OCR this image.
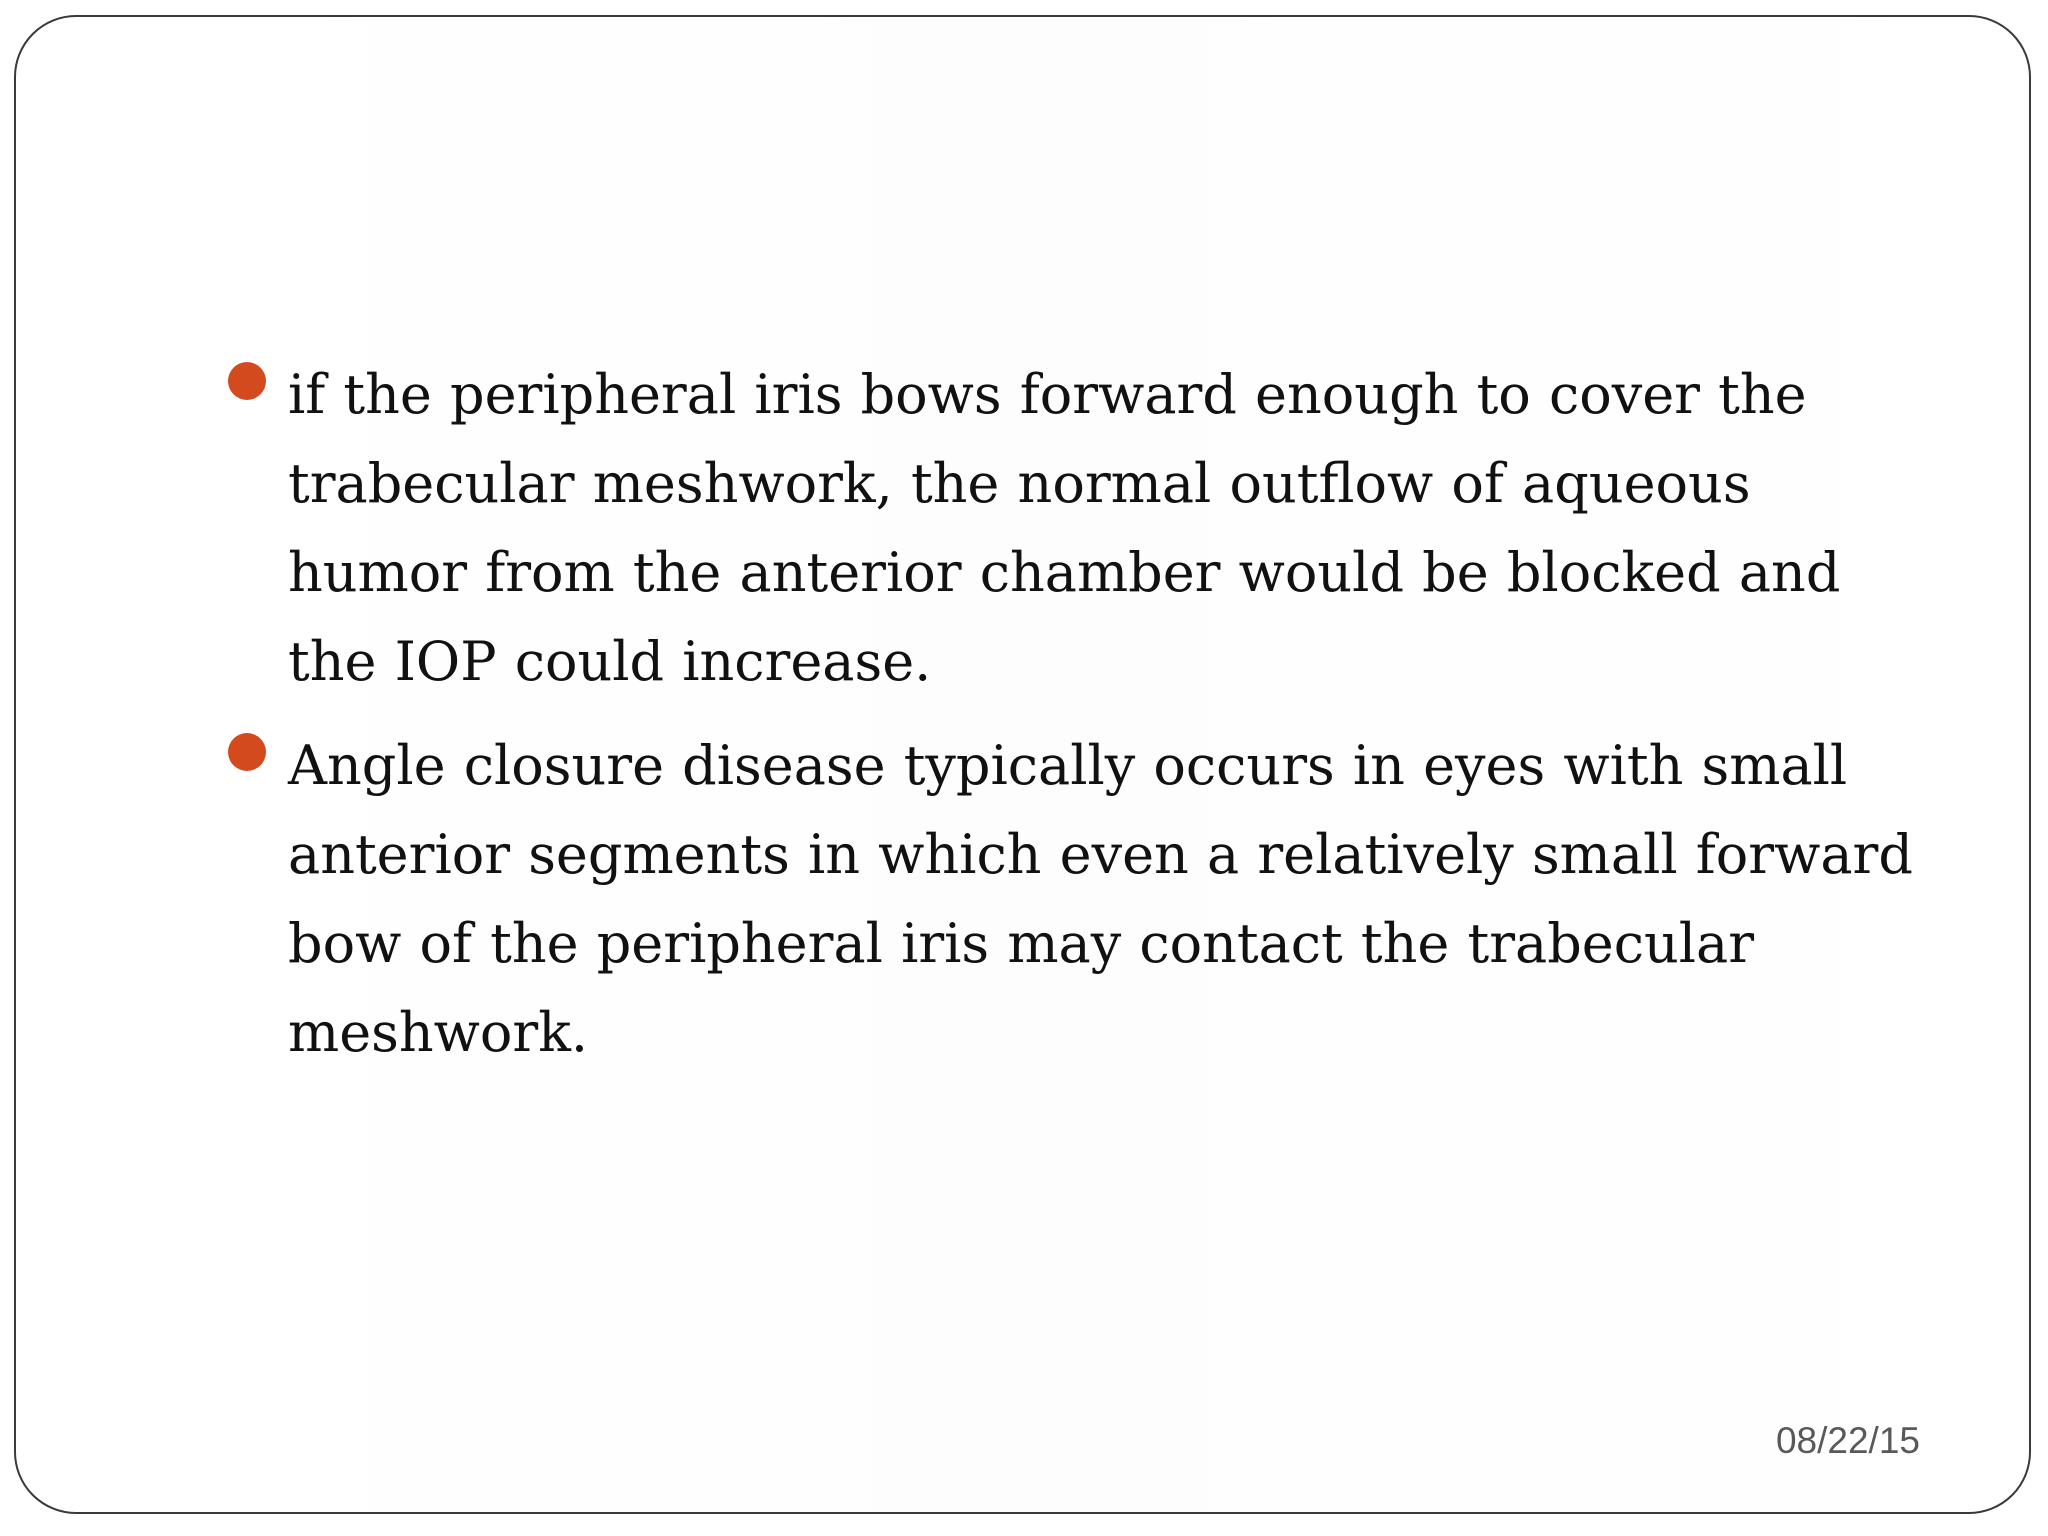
if the peripheral iris bows forward enough to cover the trabecular meshwork, the normal outflow of aqueous humor from the anterior chamber would be blocked and the IOP could increase.
Angle closure disease typically occurs in eyes with small anterior segments in which even a relatively small forward bow of the peripheral iris may contact the trabecular meshwork.
08/22/15
